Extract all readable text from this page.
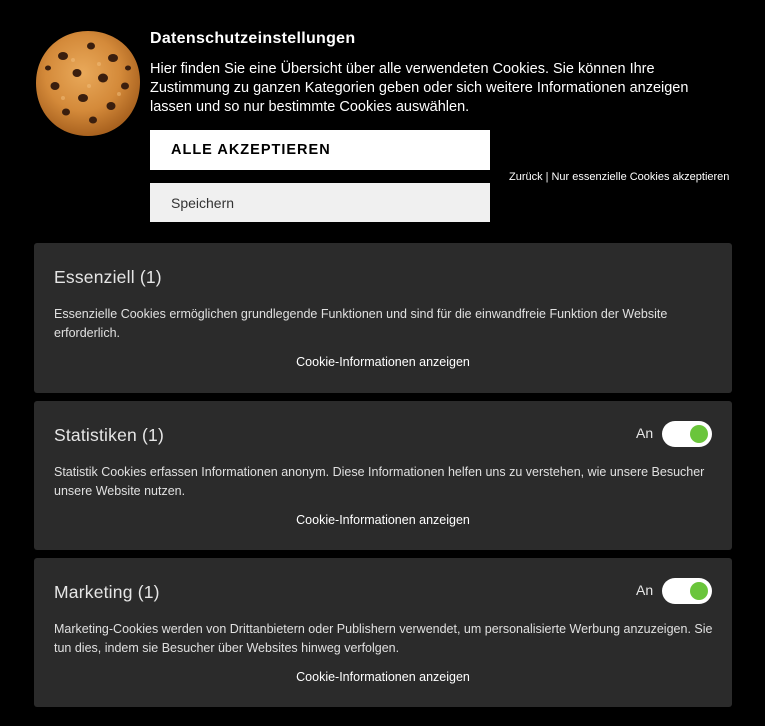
Datenschutzeinstellungen
Hier finden Sie eine Übersicht über alle verwendeten Cookies. Sie können Ihre Zustimmung zu ganzen Kategorien geben oder sich weitere Informationen anzeigen lassen und so nur bestimmte Cookies auswählen.
ALLE AKZEPTIEREN
Speichern
Zurück | Nur essenzielle Cookies akzeptieren
Essenziell (1)
Essenzielle Cookies ermöglichen grundlegende Funktionen und sind für die einwandfreie Funktion der Website erforderlich.
Cookie-Informationen anzeigen
Statistiken (1)	An
Statistik Cookies erfassen Informationen anonym. Diese Informationen helfen uns zu verstehen, wie unsere Besucher unsere Website nutzen.
Cookie-Informationen anzeigen
Marketing (1)	An
Marketing-Cookies werden von Drittanbietern oder Publishern verwendet, um personalisierte Werbung anzuzeigen. Sie tun dies, indem sie Besucher über Websites hinweg verfolgen.
Cookie-Informationen anzeigen
